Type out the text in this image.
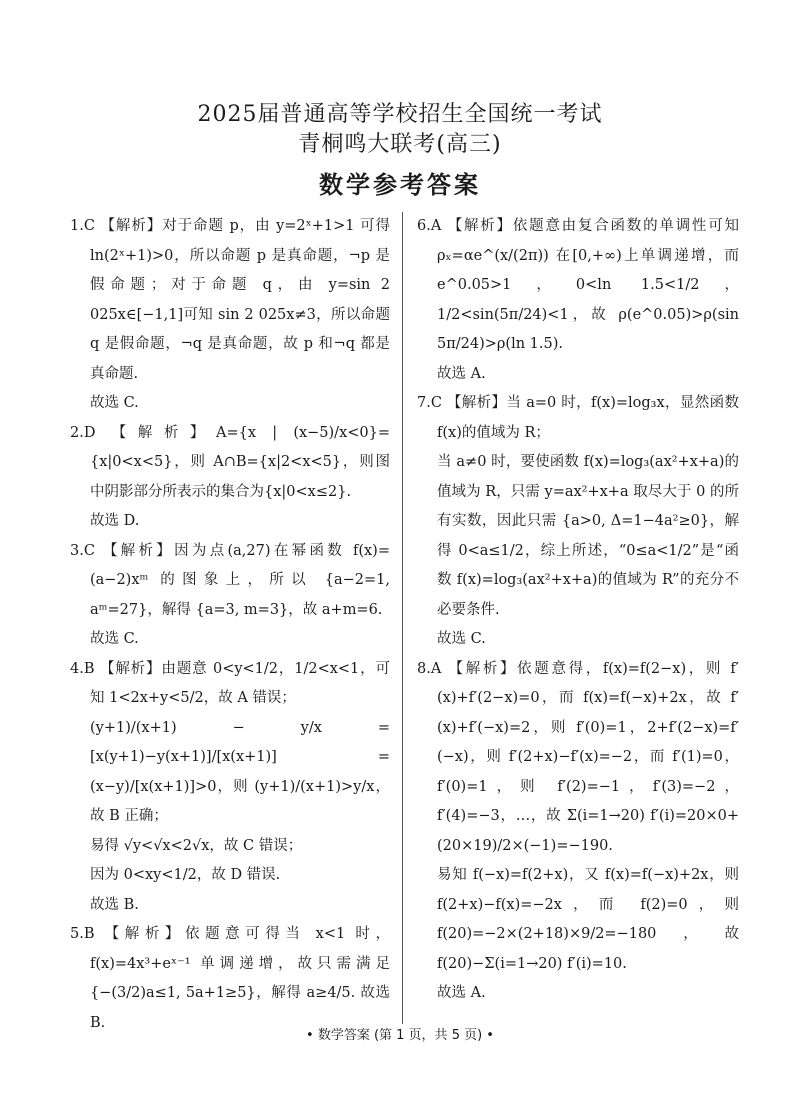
2025届普通高等学校招生全国统一考试
青桐鸣大联考(高三)
数学参考答案

1.C 【解析】对于命题 p，由 y=2ˣ+1>1 可得 ln(2ˣ+1)>0，所以命题 p 是真命题，¬p 是假命题；对于命题 q，由 y=sin 2 025x∈[−1,1]可知 sin 2 025x≠3，所以命题 q 是假命题，¬q 是真命题，故 p 和¬q 都是真命题.

故选 C.

2.D 【解析】A={x | (x−5)/x<0}={x|0<x<5}，则 A∩B={x|2<x<5}，则图中阴影部分所表示的集合为{x|0<x≤2}.

故选 D.

3.C 【解析】因为点(a,27)在幂函数 f(x)=(a−2)xᵐ 的图象上，所以 {a−2=1, aᵐ=27}，解得 {a=3, m=3}，故 a+m=6.

故选 C.

4.B 【解析】由题意 0<y<1/2，1/2<x<1，可知 1<2x+y<5/2，故 A 错误；

(y+1)/(x+1) − y/x = [x(y+1)−y(x+1)]/[x(x+1)] = (x−y)/[x(x+1)]>0，则 (y+1)/(x+1)>y/x，故 B 正确；

易得 √y<√x<2√x，故 C 错误；

因为 0<xy<1/2，故 D 错误.

故选 B.

5.B 【解析】依题意可得当 x<1 时，f(x)=4x³+eˣ⁻¹ 单调递增，故只需满足 {−(3/2)a≤1, 5a+1≥5}，解得 a≥4/5. 故选 B.

6.A 【解析】依题意由复合函数的单调性可知 ρₓ=αe^(x/(2π)) 在[0,+∞)上单调递增，而 e^0.05>1，0<ln 1.5<1/2，1/2<sin(5π/24)<1，故 ρ(e^0.05)>ρ(sin 5π/24)>ρ(ln 1.5).

故选 A.

7.C 【解析】当 a=0 时，f(x)=log₃x，显然函数 f(x)的值域为 R；

当 a≠0 时，要使函数 f(x)=log₃(ax²+x+a)的值域为 R，只需 y=ax²+x+a 取尽大于 0 的所有实数，因此只需 {a>0, Δ=1−4a²≥0}，解得 0<a≤1/2，综上所述，“0≤a<1/2”是“函数 f(x)=log₃(ax²+x+a)的值域为 R”的充分不必要条件.

故选 C.

8.A 【解析】依题意得，f(x)=f(2−x)，则 f′(x)+f′(2−x)=0，而 f(x)=f(−x)+2x，故 f′(x)+f′(−x)=2，则 f′(0)=1，2+f′(2−x)=f′(−x)，则 f′(2+x)−f′(x)=−2，而 f′(1)=0，f′(0)=1，则 f′(2)=−1，f′(3)=−2，f′(4)=−3，…，故 Σ(i=1→20) f′(i)=20×0+(20×19)/2×(−1)=−190.

易知 f(−x)=f(2+x)，又 f(x)=f(−x)+2x，则 f(2+x)−f(x)=−2x，而 f(2)=0，则 f(20)=−2×(2+18)×9/2=−180，故 f(20)−Σ(i=1→20) f′(i)=10.

故选 A.

• 数学答案 (第 1 页，共 5 页) •
